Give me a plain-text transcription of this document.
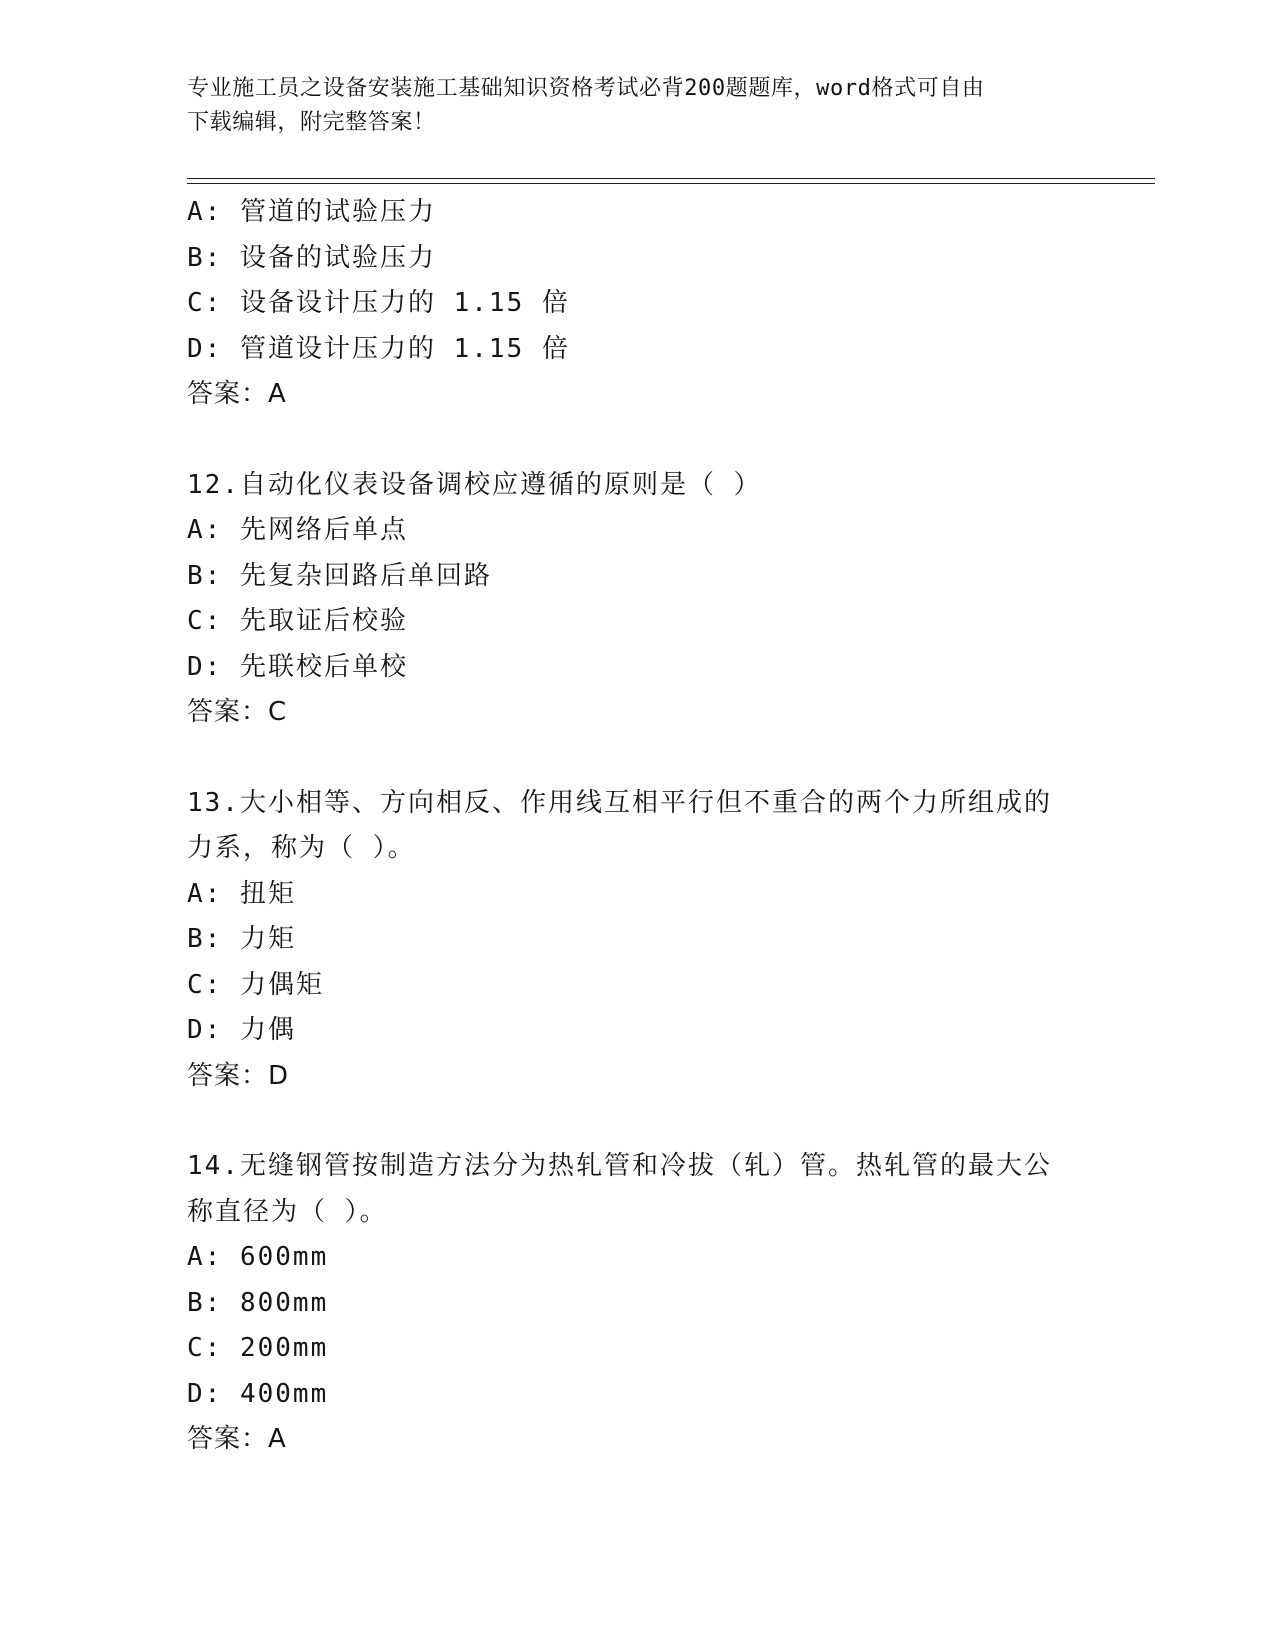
专业施工员之设备安装施工基础知识资格考试必背200题题库，word格式可自由
下载编辑，附完整答案！
A: 管道的试验压力
B: 设备的试验压力
C: 设备设计压力的 1.15 倍
D: 管道设计压力的 1.15 倍
答案：A
12.自动化仪表设备调校应遵循的原则是（ ）
A: 先网络后单点
B: 先复杂回路后单回路
C: 先取证后校验
D: 先联校后单校
答案：C
13.大小相等、方向相反、作用线互相平行但不重合的两个力所组成的
力系，称为（ ）。
A: 扭矩
B: 力矩
C: 力偶矩
D: 力偶
答案：D
14.无缝钢管按制造方法分为热轧管和冷拔（轧）管。热轧管的最大公
称直径为（ ）。
A: 600mm
B: 800mm
C: 200mm
D: 400mm
答案：A
